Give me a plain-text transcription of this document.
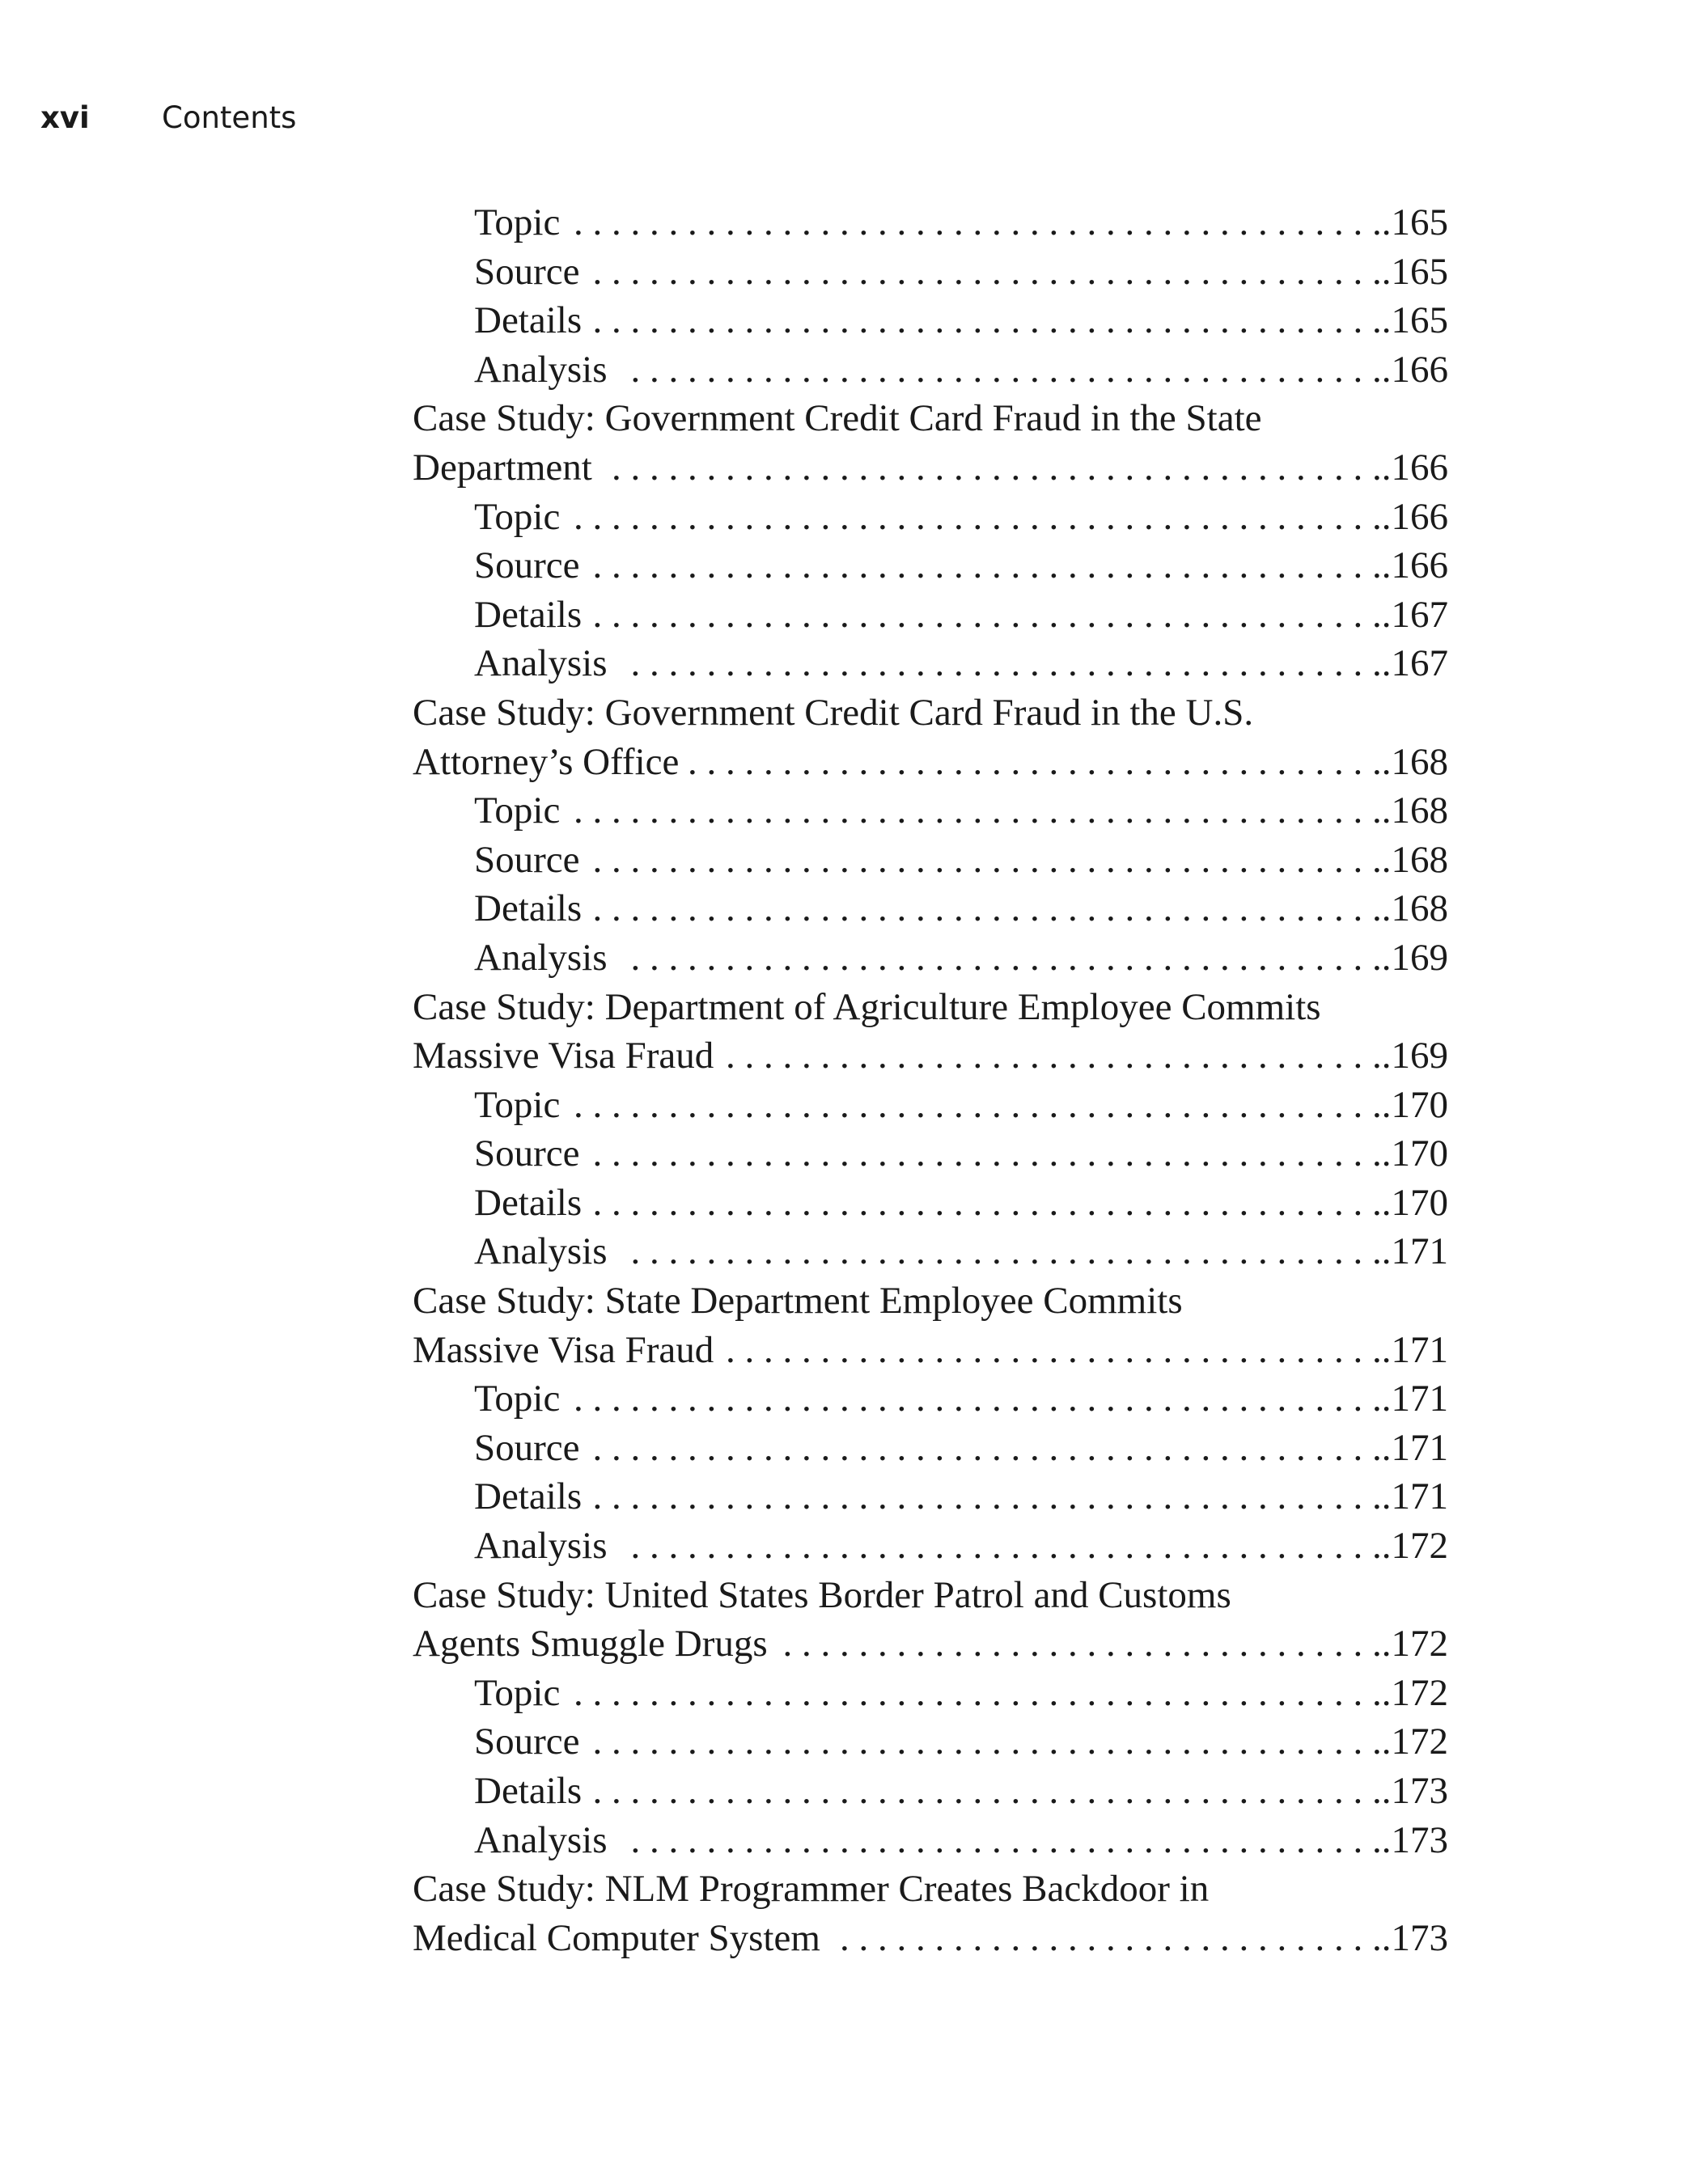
xvi Contents
Topic . . .	.165
Source . . .	.165
Details . . .	.165
Analysis . . .	.166
Case Study: Government Credit Card Fraud in the State
Department . . .	.166
Topic . . .	.166
Source . . .	.166
Details . . .	.167
Analysis . . .	.167
Case Study: Government Credit Card Fraud in the U.S.
Attorney’s Office . . .	.168
Topic . . .	.168
Source . . .	.168
Details . . .	.168
Analysis . . .	.169
Case Study: Department of Agriculture Employee Commits
Massive Visa Fraud . . .	.169
Topic . . .	.170
Source . . .	.170
Details . . .	.170
Analysis . . .	.171
Case Study: State Department Employee Commits
Massive Visa Fraud . . .	.171
Topic . . .	.171
Source . . .	.171
Details . . .	.171
Analysis . . .	.172
Case Study: United States Border Patrol and Customs
Agents Smuggle Drugs . . .	.172
Topic . . .	.172
Source . . .	.172
Details . . .	.173
Analysis . . .	.173
Case Study: NLM Programmer Creates Backdoor in
Medical Computer System . . .	.173
